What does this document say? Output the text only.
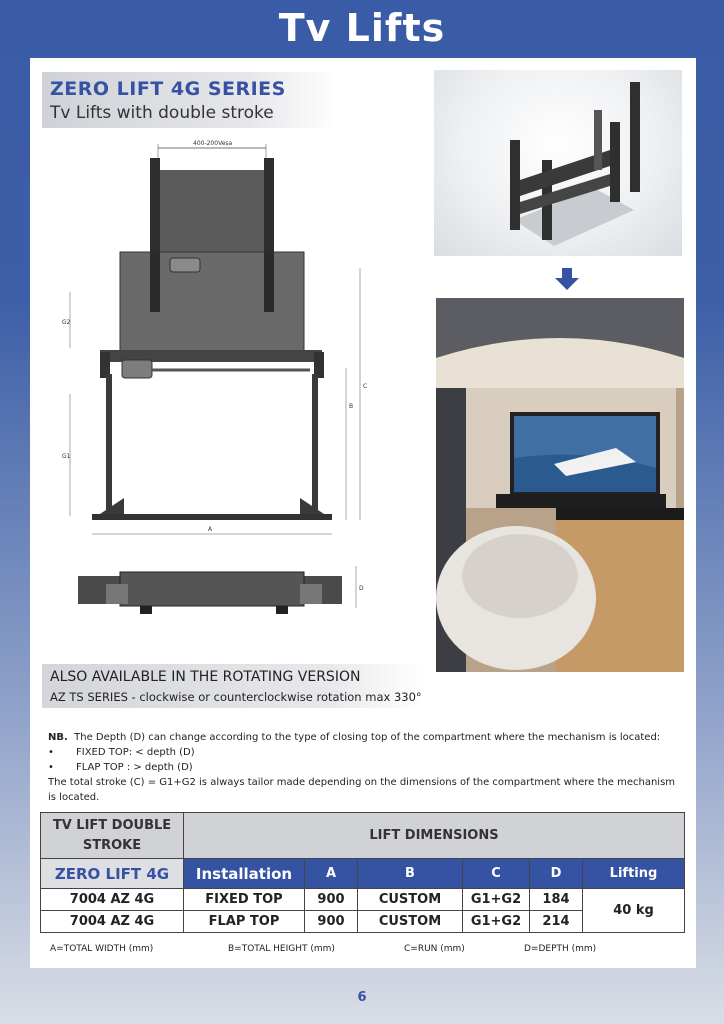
Tv Lifts
ZERO LIFT 4G SERIES
Tv Lifts with double stroke
400-200Vesa
G2
G1
B
C
A
D
ALSO AVAILABLE IN THE ROTATING VERSION
AZ TS SERIES - clockwise or counterclockwise rotation max 330°
NB. The Depth (D) can change according to the type of closing top of the compartment where the mechanism is located:
• FIXED TOP: < depth (D)
• FLAP TOP : > depth (D)
The total stroke (C) = G1+G2 is always tailor made depending on the dimensions of the compartment where the mechanism is located.
TV LIFT DOUBLE STROKE	LIFT DIMENSIONS					
ZERO LIFT 4G	Installation	A	B	C	D	Lifting
7004 AZ 4G	FIXED TOP	900	CUSTOM	G1+G2	184	40 kg
7004 AZ 4G	FLAP TOP	900	CUSTOM	G1+G2	214	
A=TOTAL WIDTH (mm)	B=TOTAL HEIGHT (mm)	C=RUN (mm)	D=DEPTH (mm)
6
